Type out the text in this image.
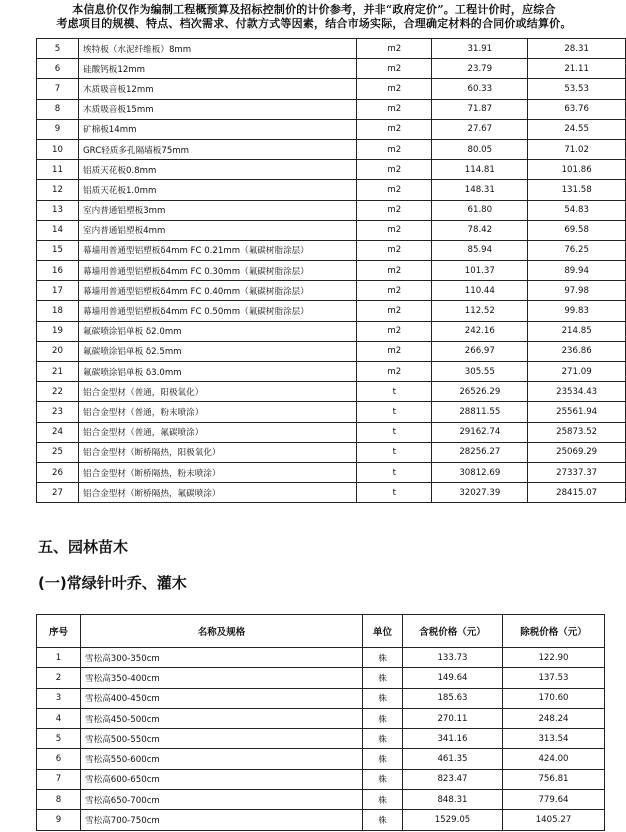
本信息价仅作为编制工程概预算及招标控制价的计价参考，并非“政府定价”。工程计价时，应综合
考虑项目的规模、特点、档次需求、付款方式等因素，结合市场实际，合理确定材料的合同价或结算价。
5	埃特板（水泥纤维板）8mm	m2	31.91	28.31
6	硅酸钙板12mm	m2	23.79	21.11
7	木质吸音板12mm	m2	60.33	53.53
8	木质吸音板15mm	m2	71.87	63.76
9	矿棉板14mm	m2	27.67	24.55
10	GRC轻质多孔隔墙板75mm	m2	80.05	71.02
11	铝质天花板0.8mm	m2	114.81	101.86
12	铝质天花板1.0mm	m2	148.31	131.58
13	室内普通铝塑板3mm	m2	61.80	54.83
14	室内普通铝塑板4mm	m2	78.42	69.58
15	幕墙用普通型铝塑板δ4mm FC 0.21mm（氟碳树脂涂层）	m2	85.94	76.25
16	幕墙用普通型铝塑板δ4mm FC 0.30mm（氟碳树脂涂层）	m2	101.37	89.94
17	幕墙用普通型铝塑板δ4mm FC 0.40mm（氟碳树脂涂层）	m2	110.44	97.98
18	幕墙用普通型铝塑板δ4mm FC 0.50mm（氟碳树脂涂层）	m2	112.52	99.83
19	氟碳喷涂铝单板 δ2.0mm	m2	242.16	214.85
20	氟碳喷涂铝单板 δ2.5mm	m2	266.97	236.86
21	氟碳喷涂铝单板 δ3.0mm	m2	305.55	271.09
22	铝合金型材（普通，阳极氧化）	t	26526.29	23534.43
23	铝合金型材（普通，粉末喷涂）	t	28811.55	25561.94
24	铝合金型材（普通，氟碳喷涂）	t	29162.74	25873.52
25	铝合金型材（断桥隔热，阳极氧化）	t	28256.27	25069.29
26	铝合金型材（断桥隔热，粉末喷涂）	t	30812.69	27337.37
27	铝合金型材（断桥隔热，氟碳喷涂）	t	32027.39	28415.07
五、园林苗木
(一)常绿针叶乔、灌木
序号	名称及规格	单位	含税价格（元）	除税价格（元）
1	雪松高300-350cm	株	133.73	122.90
2	雪松高350-400cm	株	149.64	137.53
3	雪松高400-450cm	株	185.63	170.60
4	雪松高450-500cm	株	270.11	248.24
5	雪松高500-550cm	株	341.16	313.54
6	雪松高550-600cm	株	461.35	424.00
7	雪松高600-650cm	株	823.47	756.81
8	雪松高650-700cm	株	848.31	779.64
9	雪松高700-750cm	株	1529.05	1405.27
